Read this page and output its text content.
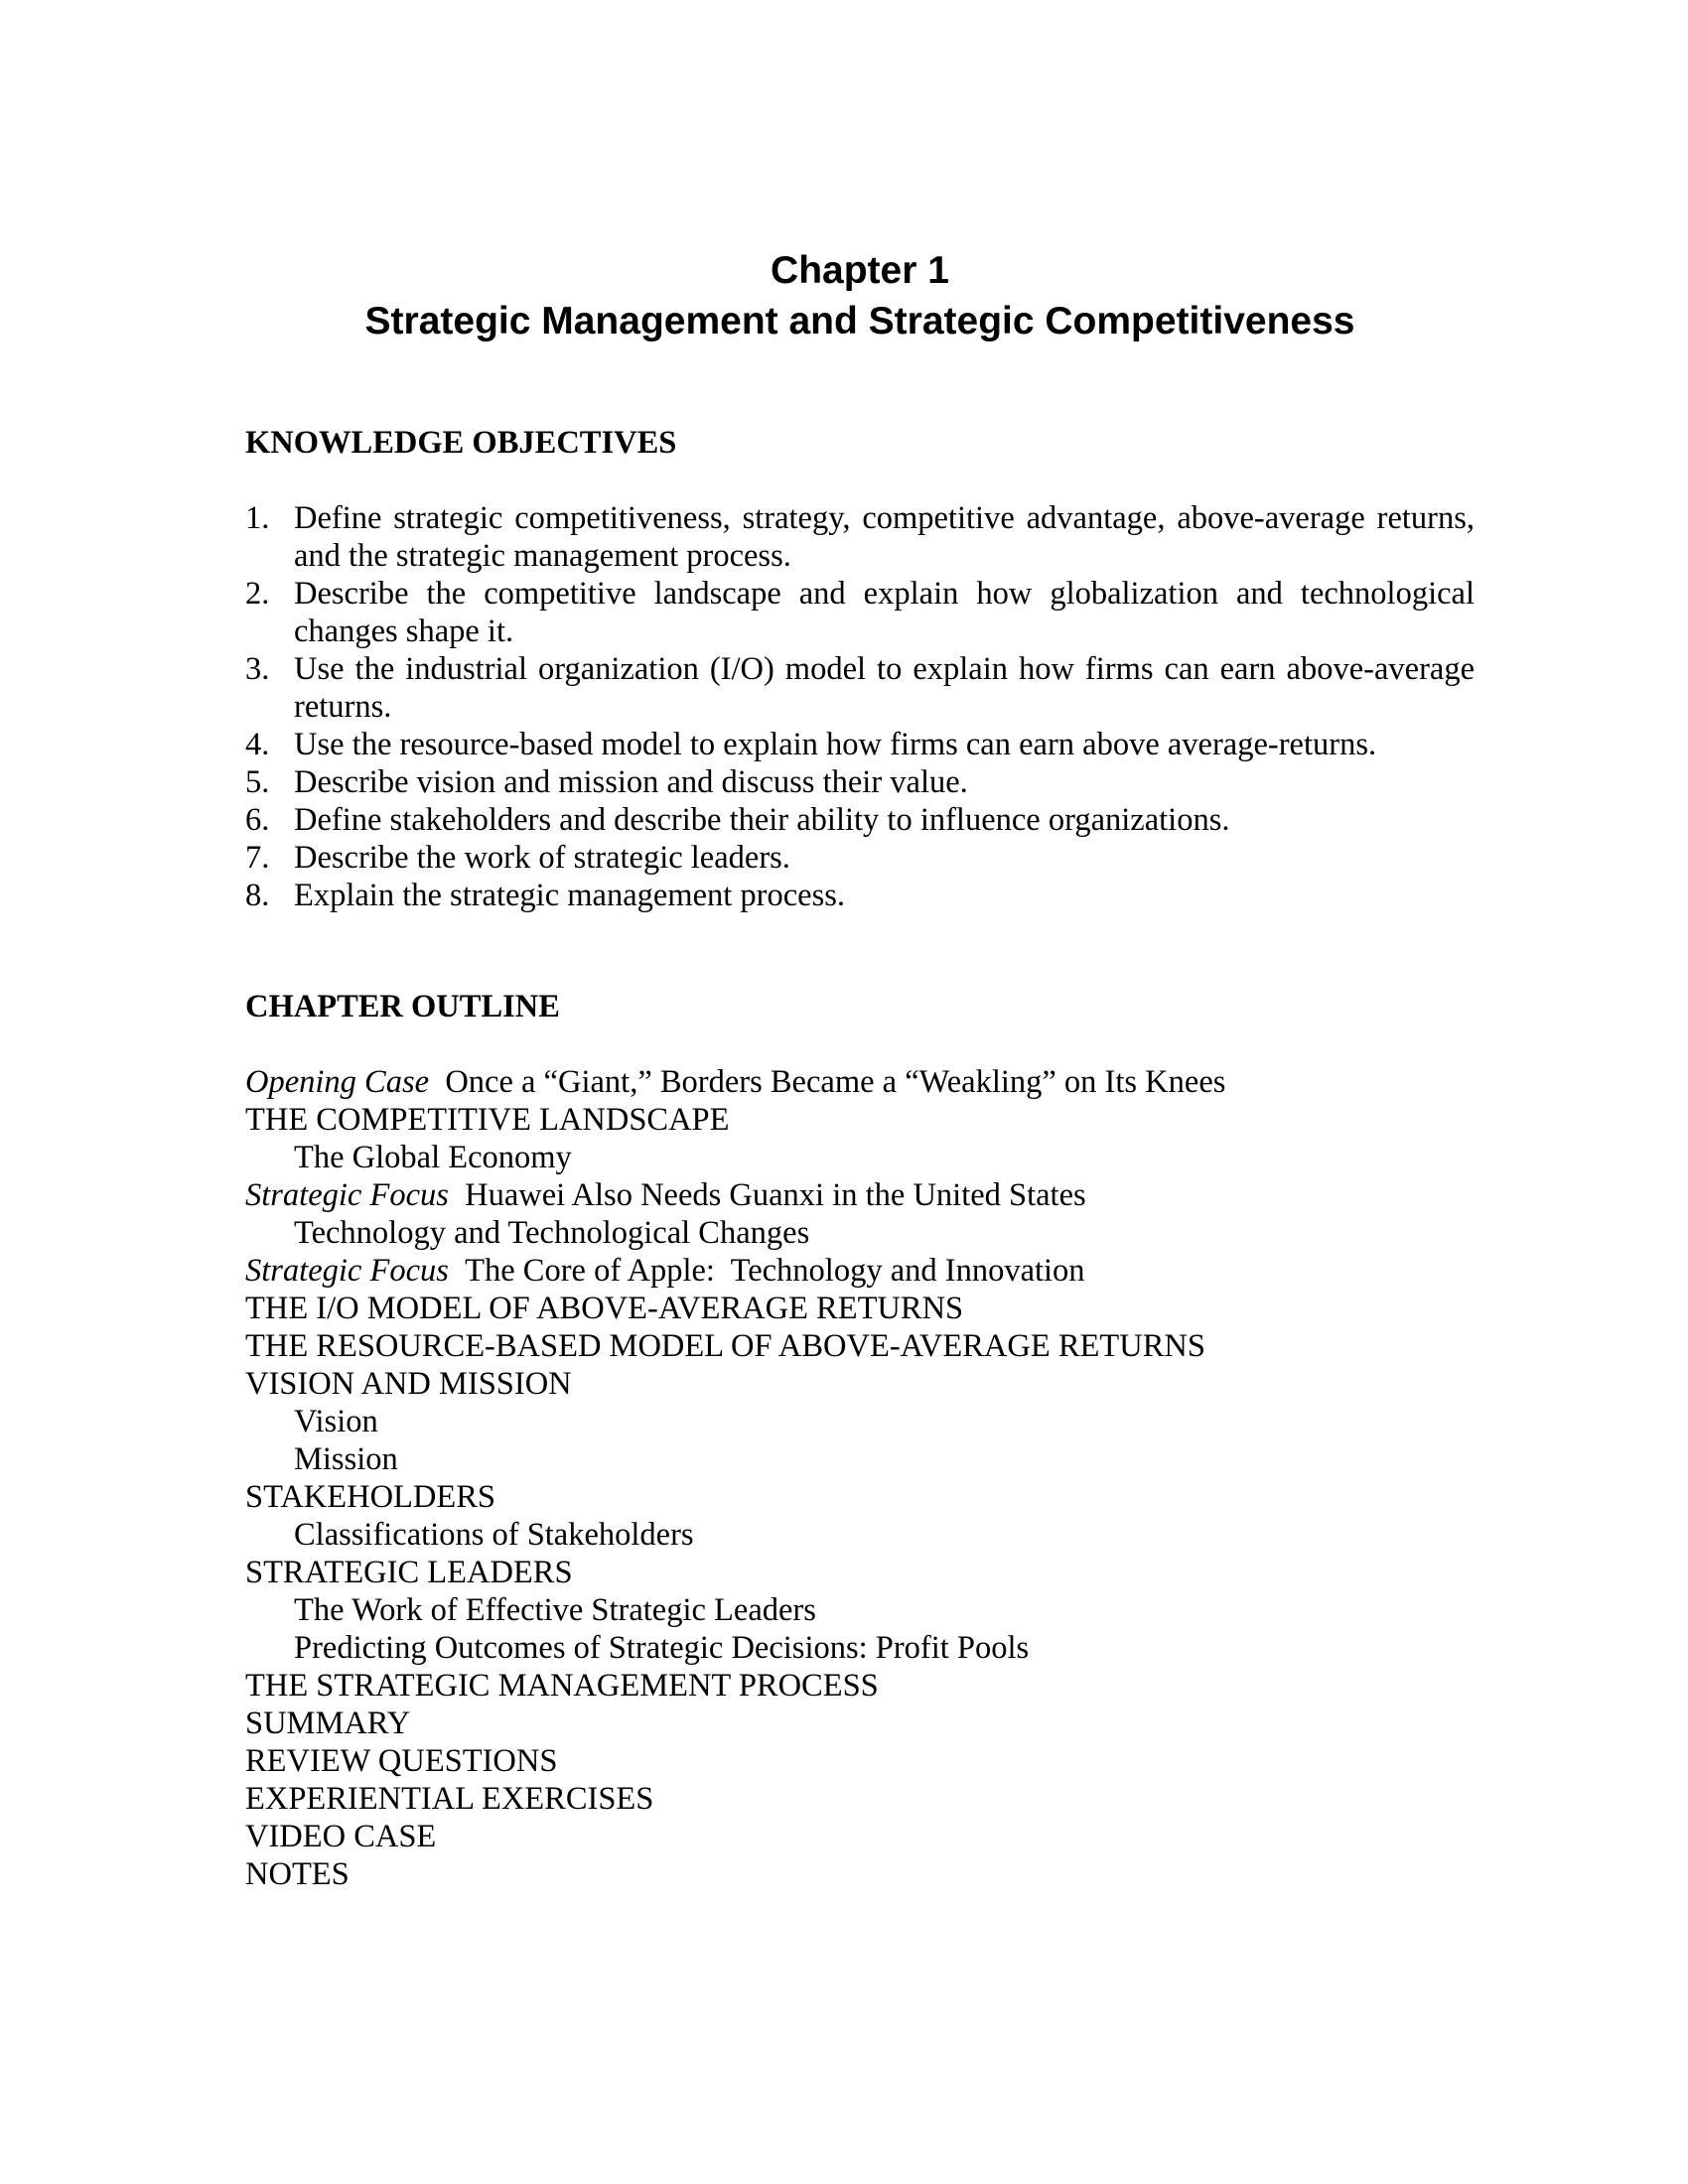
Chapter 1
Strategic Management and Strategic Competitiveness
KNOWLEDGE OBJECTIVES
1. Define strategic competitiveness, strategy, competitive advantage, above-average returns, and the strategic management process.
2. Describe the competitive landscape and explain how globalization and technological changes shape it.
3. Use the industrial organization (I/O) model to explain how firms can earn above-average returns.
4. Use the resource-based model to explain how firms can earn above average-returns.
5. Describe vision and mission and discuss their value.
6. Define stakeholders and describe their ability to influence organizations.
7. Describe the work of strategic leaders.
8. Explain the strategic management process.
CHAPTER OUTLINE
Opening Case Once a “Giant,” Borders Became a “Weakling” on Its Knees
THE COMPETITIVE LANDSCAPE
The Global Economy
Strategic Focus Huawei Also Needs Guanxi in the United States
Technology and Technological Changes
Strategic Focus The Core of Apple:  Technology and Innovation
THE I/O MODEL OF ABOVE-AVERAGE RETURNS
THE RESOURCE-BASED MODEL OF ABOVE-AVERAGE RETURNS
VISION AND MISSION
Vision
Mission
STAKEHOLDERS
Classifications of Stakeholders
STRATEGIC LEADERS
The Work of Effective Strategic Leaders
Predicting Outcomes of Strategic Decisions: Profit Pools
THE STRATEGIC MANAGEMENT PROCESS
SUMMARY
REVIEW QUESTIONS
EXPERIENTIAL EXERCISES
VIDEO CASE
NOTES
